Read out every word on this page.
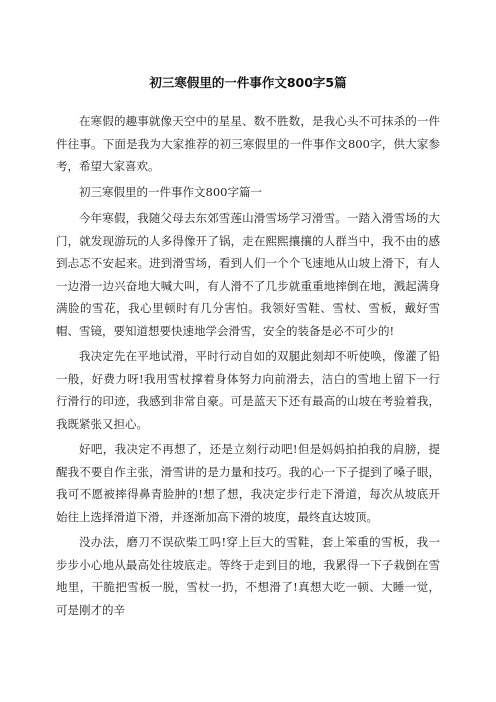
初三寒假里的一件事作文800字5篇

在寒假的趣事就像天空中的星星、数不胜数，是我心头不可抹杀的一件件往事。下面是我为大家推荐的初三寒假里的一件事作文800字，供大家参考，希望大家喜欢。

初三寒假里的一件事作文800字篇一

今年寒假，我随父母去东郊雪莲山滑雪场学习滑雪。一踏入滑雪场的大门，就发现游玩的人多得像开了锅，走在熙熙攘攘的人群当中，我不由的感到忐忑不安起来。进到滑雪场，看到人们一个个飞速地从山坡上滑下，有人一边滑一边兴奋地大喊大叫，有人滑不了几步就重重地摔倒在地，溅起满身满脸的雪花，我心里顿时有几分害怕。我领好雪鞋、雪杖、雪板，戴好雪帽、雪镜，要知道想要快速地学会滑雪，安全的装备是必不可少的!

我决定先在平地试滑，平时行动自如的双腿此刻却不听使唤，像灌了铅一般，好费力呀!我用雪杖撑着身体努力向前滑去，洁白的雪地上留下一行行滑行的印迹，我感到非常自豪。可是蓝天下还有最高的山坡在考验着我，我既紧张又担心。

好吧，我决定不再想了，还是立刻行动吧!但是妈妈拍拍我的肩膀，提醒我不要自作主张，滑雪讲的是力量和技巧。我的心一下子提到了嗓子眼，我可不愿被摔得鼻青脸肿的!想了想，我决定步行走下滑道，每次从坡底开始往上选择滑道下滑，并逐渐加高下滑的坡度，最终直达坡顶。

没办法，磨刀不误砍柴工吗!穿上巨大的雪鞋，套上笨重的雪板，我一步步小心地从最高处往坡底走。等终于走到目的地，我累得一下子栽倒在雪地里，干脆把雪板一脱，雪杖一扔，不想滑了!真想大吃一顿、大睡一觉，可是刚才的辛
